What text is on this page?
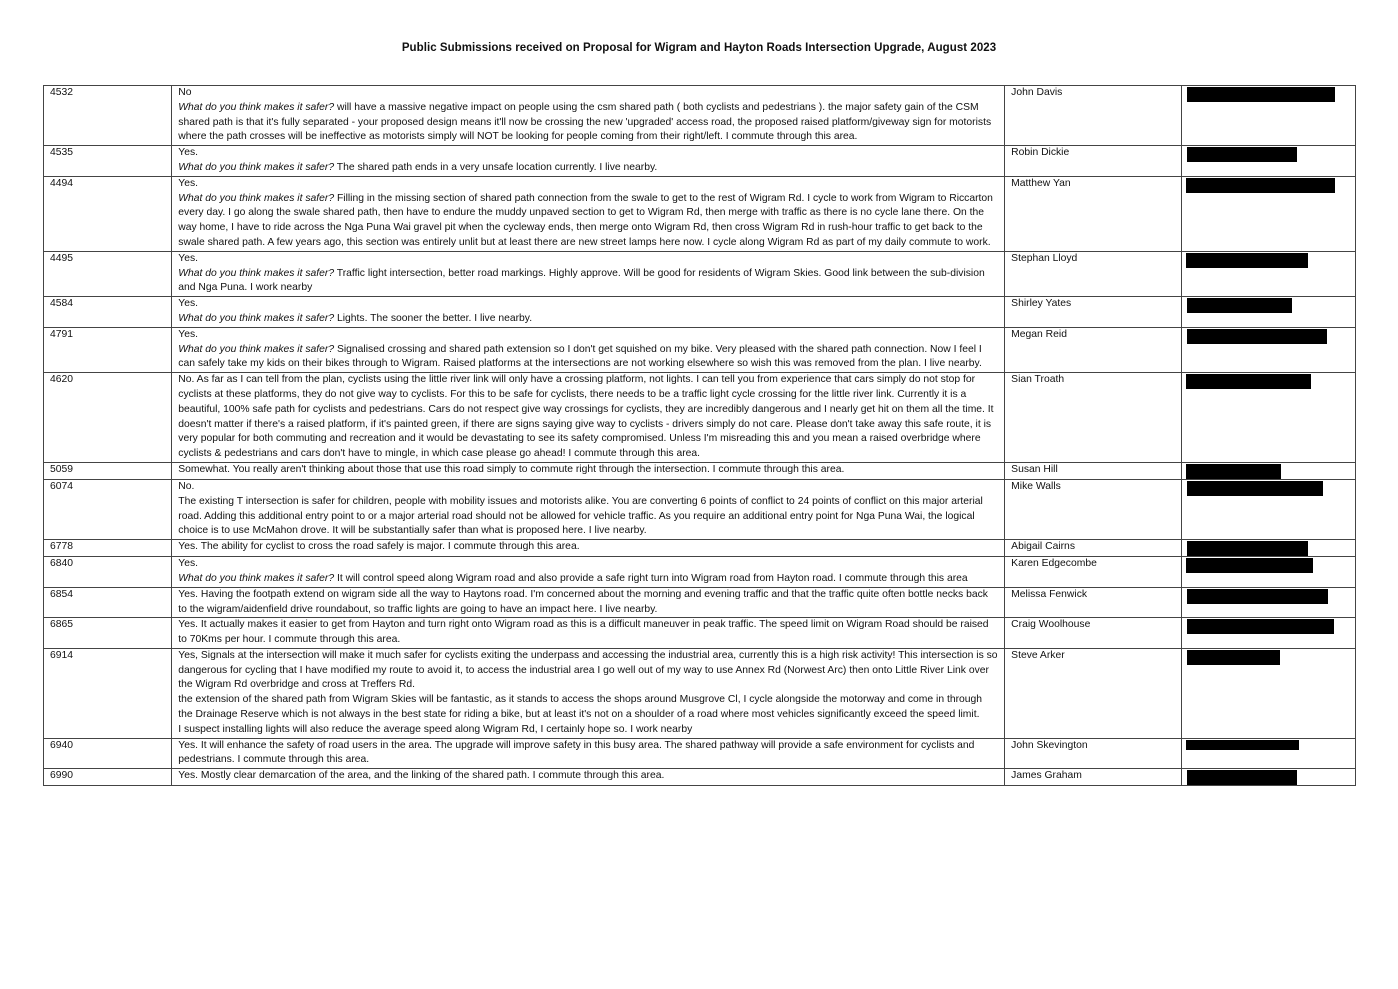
Public Submissions received on Proposal for Wigram and Hayton Roads Intersection Upgrade, August 2023
4532	No
What do you think makes it safer? will have a massive negative impact on people using the csm shared path ( both cyclists and pedestrians ). the major safety gain of the CSM shared path is that it's fully separated - your proposed design means it'll now be crossing the new 'upgraded' access road, the proposed raised platform/giveway sign for motorists where the path crosses will be ineffective as motorists simply will NOT be looking for people coming from their right/left. I commute through this area.	John Davis	

4535	Yes.
What do you think makes it safer? The shared path ends in a very unsafe location currently. I live nearby.	Robin Dickie	

4494	Yes.
What do you think makes it safer? Filling in the missing section of shared path connection from the swale to get to the rest of Wigram Rd. I cycle to work from Wigram to Riccarton every day. I go along the swale shared path, then have to endure the muddy unpaved section to get to Wigram Rd, then merge with traffic as there is no cycle lane there. On the way home, I have to ride across the Nga Puna Wai gravel pit when the cycleway ends, then merge onto Wigram Rd, then cross Wigram Rd in rush-hour traffic to get back to the swale shared path. A few years ago, this section was entirely unlit but at least there are new street lamps here now. I cycle along Wigram Rd as part of my daily commute to work.	Matthew Yan	

4495	Yes.
What do you think makes it safer? Traffic light intersection, better road markings. Highly approve. Will be good for residents of Wigram Skies. Good link between the sub-division and Nga Puna. I work nearby	Stephan Lloyd	

4584	Yes.
What do you think makes it safer? Lights. The sooner the better. I live nearby.	Shirley Yates	

4791	Yes.
What do you think makes it safer? Signalised crossing and shared path extension so I don't get squished on my bike. Very pleased with the shared path connection. Now I feel I can safely take my kids on their bikes through to Wigram. Raised platforms at the intersections are not working elsewhere so wish this was removed from the plan. I live nearby.	Megan Reid	

4620	No. As far as I can tell from the plan, cyclists using the little river link will only have a crossing platform, not lights. I can tell you from experience that cars simply do not stop for cyclists at these platforms, they do not give way to cyclists. For this to be safe for cyclists, there needs to be a traffic light cycle crossing for the little river link. Currently it is a beautiful, 100% safe path for cyclists and pedestrians. Cars do not respect give way crossings for cyclists, they are incredibly dangerous and I nearly get hit on them all the time. It doesn't matter if there's a raised platform, if it's painted green, if there are signs saying give way to cyclists - drivers simply do not care. Please don't take away this safe route, it is very popular for both commuting and recreation and it would be devastating to see its safety compromised. Unless I'm misreading this and you mean a raised overbridge where cyclists & pedestrians and cars don't have to mingle, in which case please go ahead! I commute through this area.	Sian Troath	

5059	Somewhat. You really aren't thinking about those that use this road simply to commute right through the intersection. I commute through this area.	Susan Hill	

6074	No.
The existing T intersection is safer for children, people with mobility issues and motorists alike. You are converting 6 points of conflict to 24 points of conflict on this major arterial road. Adding this additional entry point to or a major arterial road should not be allowed for vehicle traffic. As you require an additional entry point for Nga Puna Wai, the logical choice is to use McMahon drove. It will be substantially safer than what is proposed here. I live nearby.	Mike Walls	

6778	Yes. The ability for cyclist to cross the road safely is major. I commute through this area.	Abigail Cairns	

6840	Yes.
What do you think makes it safer? It will control speed along Wigram road and also provide a safe right turn into Wigram road from Hayton road. I commute through this area	Karen Edgecombe	

6854	Yes. Having the footpath extend on wigram side all the way to Haytons road. I'm concerned about the morning and evening traffic and that the traffic quite often bottle necks back to the wigram/aidenfield drive roundabout, so traffic lights are going to have an impact here. I live nearby.	Melissa Fenwick	

6865	Yes. It actually makes it easier to get from Hayton and turn right onto Wigram road as this is a difficult maneuver in peak traffic. The speed limit on Wigram Road should be raised to 70Kms per hour. I commute through this area.	Craig Woolhouse	

6914	Yes, Signals at the intersection will make it much safer for cyclists exiting the underpass and accessing the industrial area, currently this is a high risk activity! This intersection is so dangerous for cycling that I have modified my route to avoid it, to access the industrial area I go well out of my way to use Annex Rd (Norwest Arc) then onto Little River Link over the Wigram Rd overbridge and cross at Treffers Rd.
the extension of the shared path from Wigram Skies will be fantastic, as it stands to access the shops around Musgrove Cl, I cycle alongside the motorway and come in through the Drainage Reserve which is not always in the best state for riding a bike, but at least it's not on a shoulder of a road where most vehicles significantly exceed the speed limit.
I suspect installing lights will also reduce the average speed along Wigram Rd, I certainly hope so. I work nearby	Steve Arker	

6940	Yes. It will enhance the safety of road users in the area. The upgrade will improve safety in this busy area. The shared pathway will provide a safe environment for cyclists and pedestrians. I commute through this area.	John Skevington	

6990	Yes. Mostly clear demarcation of the area, and the linking of the shared path. I commute through this area.	James Graham	
